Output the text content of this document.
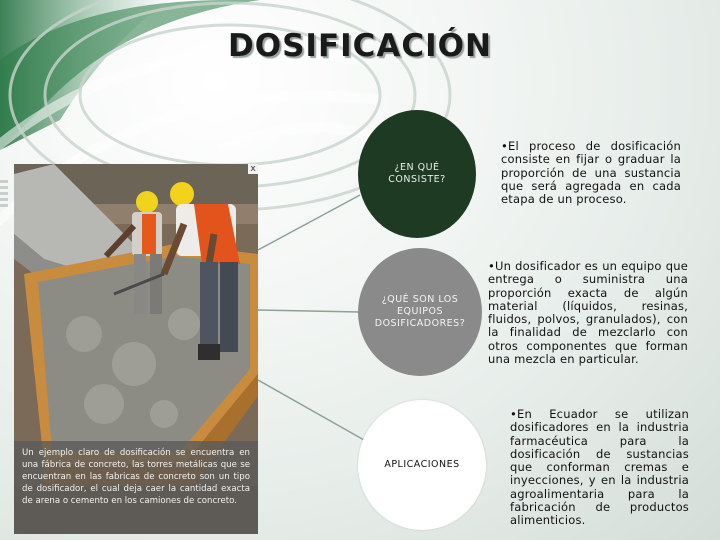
DOSIFICACIÓN
x
Un ejemplo claro de dosificación se encuentra en una fábrica de concreto, las torres metálicas que se encuentran en las fabricas de concreto son un tipo de dosificador, el cual deja caer la cantidad exacta de arena o cemento en los camiones de concreto.
¿EN QUÉ CONSISTE?
¿QUÉ SON LOS EQUIPOS DOSIFICADORES?
APLICACIONES
•El proceso de dosificación consiste en fijar o graduar la proporción de una sustancia que será agregada en cada etapa de un proceso.
•Un dosificador es un equipo que entrega o suministra una proporción exacta de algún material (líquidos, resinas, fluidos, polvos, granulados), con la finalidad de mezclarlo con otros componentes que forman una mezcla en particular.
•En Ecuador se utilizan dosificadores en la industria farmacéutica para la dosificación de sustancias que conforman cremas e inyecciones, y en la industria agroalimentaria para la fabricación de productos alimenticios.
